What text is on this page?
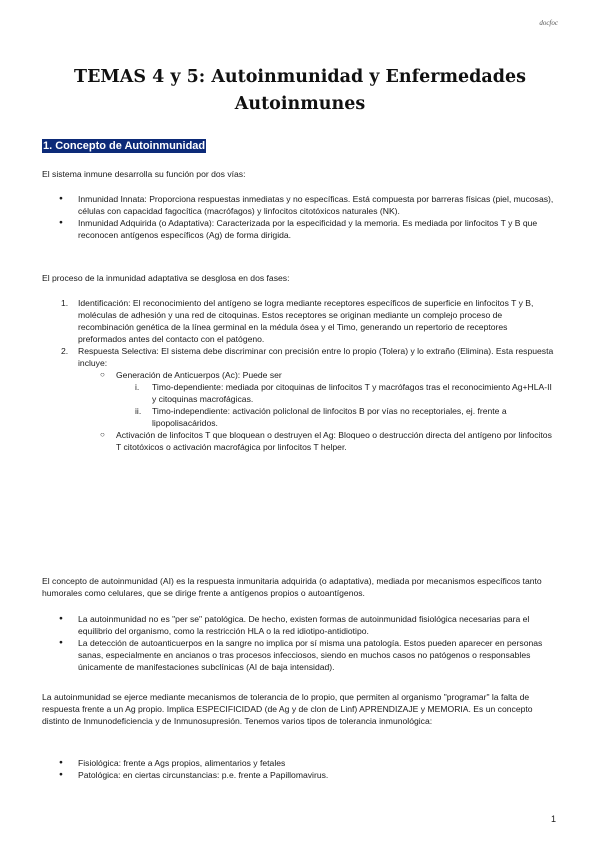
docfoc
TEMAS 4 y 5: Autoinmunidad y Enfermedades Autoinmunes
1. Concepto de Autoinmunidad

El sistema inmune desarrolla su función por dos vías:

● Inmunidad Innata: Proporciona respuestas inmediatas y no específicas. Está compuesta por barreras físicas (piel, mucosas), células con capacidad fagocítica (macrófagos) y linfocitos citotóxicos naturales (NK).
● Inmunidad Adquirida (o Adaptativa): Caracterizada por la especificidad y la memoria. Es mediada por linfocitos T y B que reconocen antígenos específicos (Ag) de forma dirigida.

El proceso de la inmunidad adaptativa se desglosa en dos fases:

1. Identificación: El reconocimiento del antígeno se logra mediante receptores específicos de superficie en linfocitos T y B, moléculas de adhesión y una red de citoquinas. Estos receptores se originan mediante un complejo proceso de recombinación genética de la línea germinal en la médula ósea y el Timo, generando un repertorio de receptores preformados antes del contacto con el patógeno.
2. Respuesta Selectiva: El sistema debe discriminar con precisión entre lo propio (Tolera) y lo extraño (Elimina). Esta respuesta incluye:
○ Generación de Anticuerpos (Ac): Puede ser
i. Timo-dependiente: mediada por citoquinas de linfocitos T y macrófagos tras el reconocimiento Ag+HLA-II y citoquinas macrofágicas.
ii. Timo-independiente: activación policlonal de linfocitos B por vías no receptoriales, ej. frente a lipopolisacáridos.
○ Activación de linfocitos T que bloquean o destruyen el Ag: Bloqueo o destrucción directa del antígeno por linfocitos T citotóxicos o activación macrofágica por linfocitos T helper.

El concepto de autoinmunidad (AI) es la respuesta inmunitaria adquirida (o adaptativa), mediada por mecanismos específicos tanto humorales como celulares, que se dirige frente a antígenos propios o autoantígenos.

● La autoinmunidad no es "per se" patológica. De hecho, existen formas de autoinmunidad fisiológica necesarias para el equilibrio del organismo, como la restricción HLA o la red idiotipo-antidiotipo.
● La detección de autoanticuerpos en la sangre no implica por sí misma una patología. Estos pueden aparecer en personas sanas, especialmente en ancianos o tras procesos infecciosos, siendo en muchos casos no patógenos o responsables únicamente de manifestaciones subclínicas (AI de baja intensidad).

La autoinmunidad se ejerce mediante mecanismos de tolerancia de lo propio, que permiten al organismo "programar" la falta de respuesta frente a un Ag propio. Implica ESPECIFICIDAD (de Ag y de clon de Linf) APRENDIZAJE y MEMORIA. Es un concepto distinto de Inmunodeficiencia y de Inmunosupresión. Tenemos varios tipos de tolerancia inmunológica:

● Fisiológica: frente a Ags propios, alimentarios y fetales
● Patológica: en ciertas circunstancias: p.e. frente a Papillomavirus.
1
